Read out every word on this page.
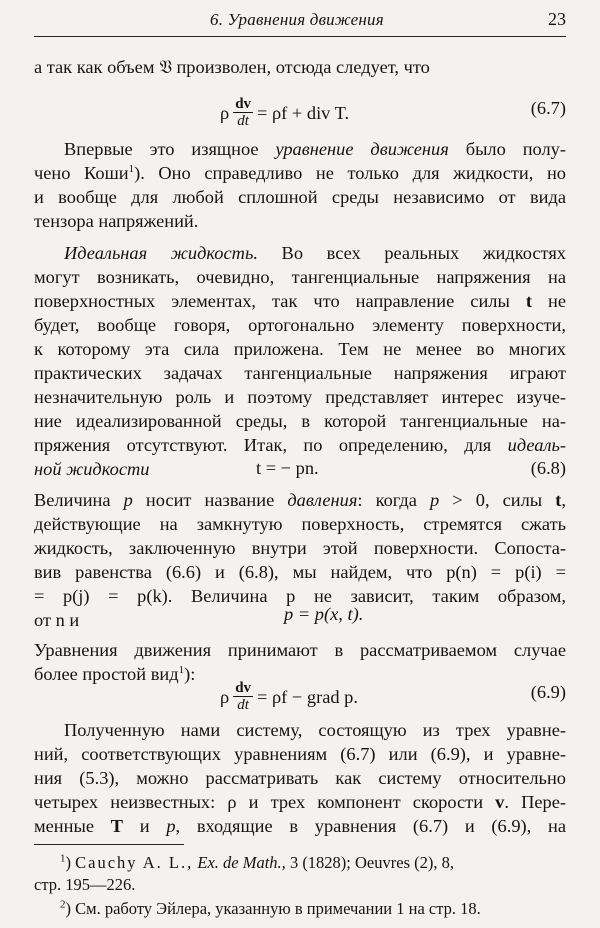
6. Уравнения движения	23
а так как объем 𝔙 произволен, отсюда следует, что
ρ $\frac{dv}{dt} = \rho f$ + div T.	(6.7)
Впервые это изящное уравнение движения было полу-
чено Коши$^1$). Оно справедливо не только для жидкости, но
и вообще для любой сплошной среды независимо от вида
тензора напряжений.
Идеальная жидкость. Во всех реальных жидкостях
могут возникать, очевидно, тангенциальные напряжения на
поверхностных элементах, так что направление силы t не
будет, вообще говоря, ортогонально элементу поверхности,
к которому эта сила приложена. Тем не менее во многих
практических задачах тангенциальные напряжения играют
незначительную роль и поэтому представляет интерес изуче-
ние идеализированной среды, в которой тангенциальные на-
пряжения отсутствуют. Итак, по определению, для идеаль-
ной жидкости	t = − pn.	(6.8)
Величина p носит название давления: когда p > 0, силы t,
действующие на замкнутую поверхность, стремятся сжать
жидкость, заключенную внутри этой поверхности. Сопоста-
вив равенства (6.6) и (6.8), мы найдем, что p(n) = p(i) =
= p(j) = p(k). Величина p не зависит, таким образом,
от n и	p = p(x, t).
Уравнения движения принимают в рассматриваемом случае
более простой вид$^1$):
ρ $\frac{dv}{dt} = \rho f$ − grad p.	(6.9)
Полученную нами систему, состоящую из трех уравне-
ний, соответствующих уравнениям (6.7) или (6.9), и уравне-
ния (5.3), можно рассматривать как систему относительно
четырех неизвестных: ρ и трех компонент скорости v. Пере-
менные T и p, входящие в уравнения (6.7) и (6.9), на
$^1$) Cauchy A. L., Ex. de Math., 3 (1828); Oeuvres (2), 8,
стр. 195—226.
$^2$) См. работу Эйлера, указанную в примечании 1 на стр. 18.
